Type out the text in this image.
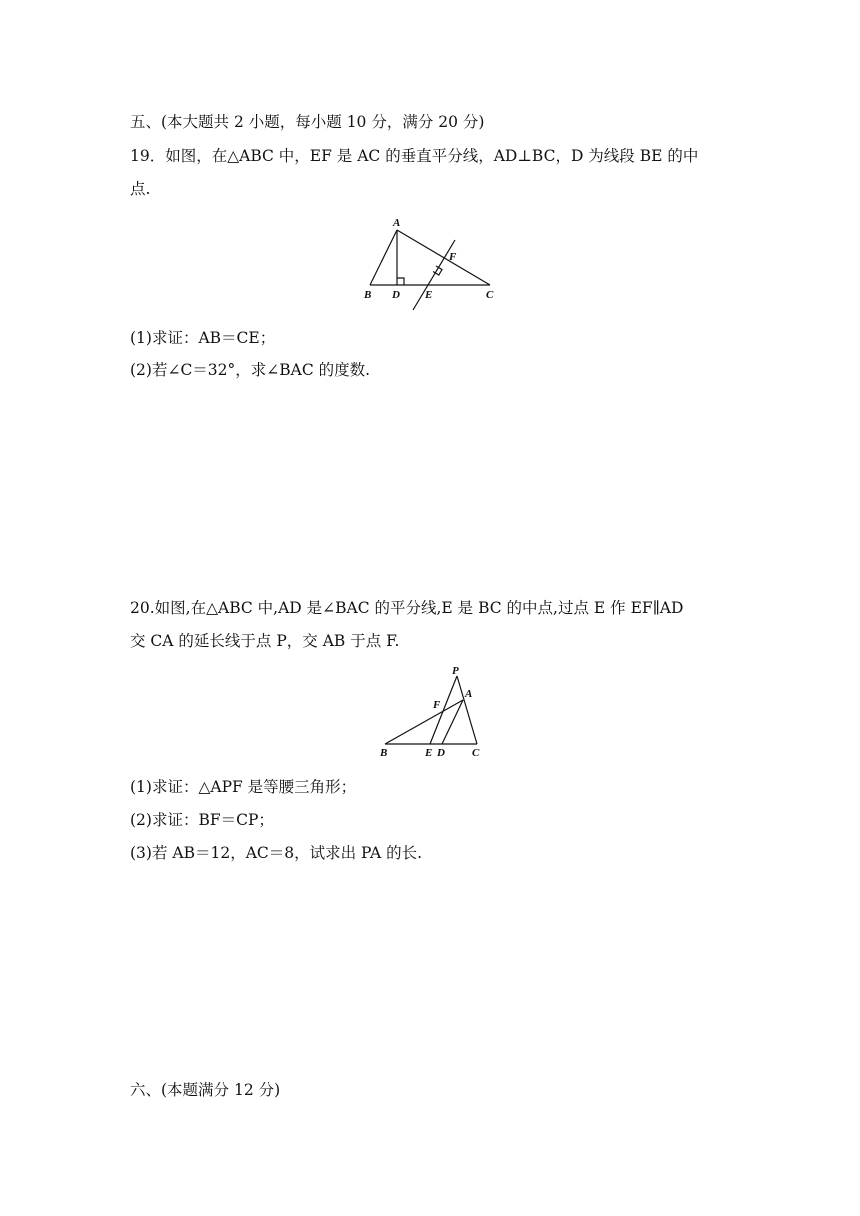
五、(本大题共 2 小题，每小题 10 分，满分 20 分)
19．如图，在△ABC 中，EF 是 AC 的垂直平分线，AD⊥BC，D 为线段 BE 的中
点.
A
B D E	C
F
(1)求证：AB＝CE；
(2)若∠C＝32°，求∠BAC 的度数.
20.如图,在△ABC 中,AD 是∠BAC 的平分线,E 是 BC 的中点,过点 E 作 EF∥AD
交 CA 的延长线于点 P，交 AB 于点 F.
P
A
F
B	E D C
(1)求证：△APF 是等腰三角形；
(2)求证：BF＝CP；
(3)若 AB＝12，AC＝8，试求出 PA 的长.
六、(本题满分 12 分)
